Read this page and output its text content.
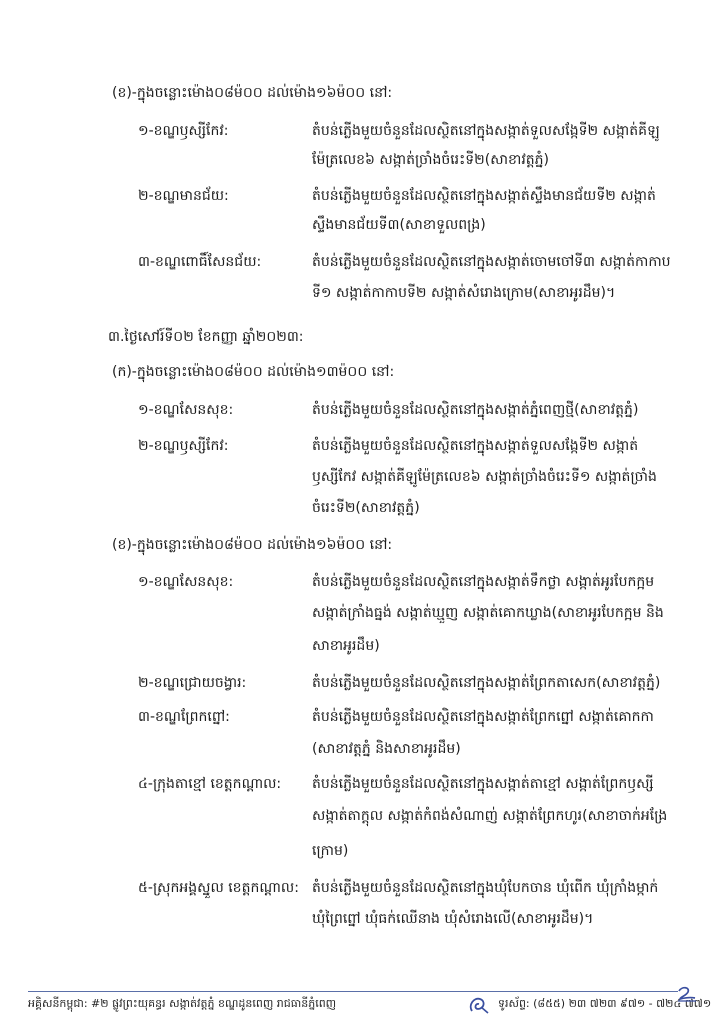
(ខ)-ក្នុងចន្លោះម៉ោង០៨ម៉០០ ដល់ម៉ោង១៦ម៉០០ នៅ:
១-ខណ្ឌឫស្សីកែវ:	តំបន់ភ្លើងមួយចំនួនដែលស្ថិតនៅក្នុងសង្កាត់ទួលសង្កែទី២ សង្កាត់គីឡូ
ម៉ែត្រលេខ៦ សង្កាត់ច្រាំងចំរេះទី២(សាខាវត្តភ្នំ)
២-ខណ្ឌមានជ័យ:	តំបន់ភ្លើងមួយចំនួនដែលស្ថិតនៅក្នុងសង្កាត់ស្ទឹងមានជ័យទី២ សង្កាត់
ស្ទឹងមានជ័យទី៣(សាខាទួលពង្រ)
៣-ខណ្ឌពោធិ៍សែនជ័យ:	តំបន់ភ្លើងមួយចំនួនដែលស្ថិតនៅក្នុងសង្កាត់ចោមចៅទី៣ សង្កាត់កាកាប
ទី១ សង្កាត់កាកាបទី២ សង្កាត់សំរោងក្រោម(សាខាអូរដឹម)។
៣.ថ្ងៃសៅរ៍ទី០២ ខែកញ្ញា ឆ្នាំ២០២៣:
(ក)-ក្នុងចន្លោះម៉ោង០៨ម៉០០ ដល់ម៉ោង១៣ម៉០០ នៅ:
១-ខណ្ឌសែនសុខ:	តំបន់ភ្លើងមួយចំនួនដែលស្ថិតនៅក្នុងសង្កាត់ភ្នំពេញថ្មី(សាខាវត្តភ្នំ)
២-ខណ្ឌឫស្សីកែវ:	តំបន់ភ្លើងមួយចំនួនដែលស្ថិតនៅក្នុងសង្កាត់ទួលសង្កែទី២ សង្កាត់
ឫស្សីកែវ សង្កាត់គីឡូម៉ែត្រលេខ៦ សង្កាត់ច្រាំងចំរេះទី១ សង្កាត់ច្រាំង
ចំរេះទី២(សាខាវត្តភ្នំ)
(ខ)-ក្នុងចន្លោះម៉ោង០៨ម៉០០ ដល់ម៉ោង១៦ម៉០០ នៅ:
១-ខណ្ឌសែនសុខ:	តំបន់ភ្លើងមួយចំនួនដែលស្ថិតនៅក្នុងសង្កាត់ទឹកថ្លា សង្កាត់អូរបែកក្អម
សង្កាត់ក្រាំងធ្នង់ សង្កាត់ឃ្មួញ សង្កាត់គោកឃ្លាង(សាខាអូរបែកក្អម និង
សាខាអូរដឹម)
២-ខណ្ឌជ្រោយចង្វារ:	តំបន់ភ្លើងមួយចំនួនដែលស្ថិតនៅក្នុងសង្កាត់ព្រែកតាសេក(សាខាវត្តភ្នំ)
៣-ខណ្ឌព្រែកព្នៅ:	តំបន់ភ្លើងមួយចំនួនដែលស្ថិតនៅក្នុងសង្កាត់ព្រែកព្នៅ សង្កាត់គោកកា
(សាខាវត្តភ្នំ និងសាខាអូរដឹម)
៤-ក្រុងតាខ្មៅ ខេត្តកណ្តាល: តំបន់ភ្លើងមួយចំនួនដែលស្ថិតនៅក្នុងសង្កាត់តាខ្មៅ សង្កាត់ព្រែកឫស្សី
សង្កាត់តាក្តុល សង្កាត់កំពង់សំណាញ់ សង្កាត់ព្រែកហូរ(សាខាចាក់អង្រែ
ក្រោម)
៥-ស្រុកអង្គស្នួល ខេត្តកណ្តាល: តំបន់ភ្លើងមួយចំនួនដែលស្ថិតនៅក្នុងឃុំបែកចាន ឃុំពើក ឃុំក្រាំងម្កាក់
ឃុំព្រៃព្នៅ ឃុំធក់ឈើនាង ឃុំសំរោងលើ(សាខាអូរដឹម)។
អគ្គិសនីកម្ពុជា: #២ ផ្លូវព្រះយុគន្ធរ សង្កាត់វត្តភ្នំ ខណ្ឌដូនពេញ រាជធានីភ្នំពេញ	ទូរស័ព្ទ: (៨៥៥) ២៣ ៧២៣ ៩៧១ - ៧២៤ ៧៧១
